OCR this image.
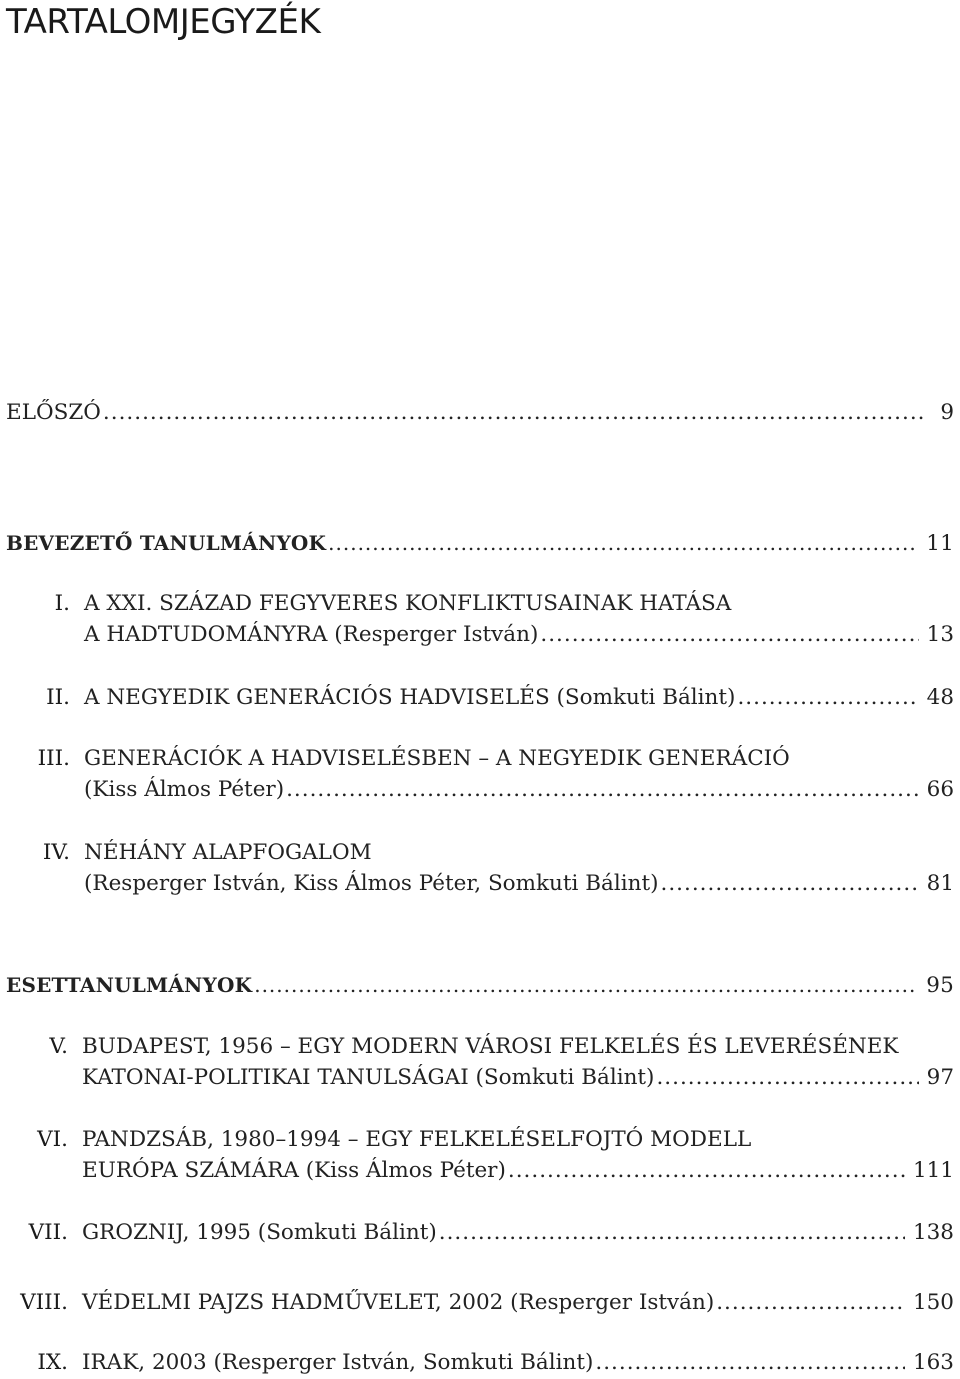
TARTALOMJEGYZÉK
ELŐSZÓ .....	9
BEVEZETŐ TANULMÁNYOK .....	11
I. A XXI. SZÁZAD FEGYVERES KONFLIKTUSAINAK HATÁSA
A HADTUDOMÁNYRA (Resperger István) .....	13
II. A NEGYEDIK GENERÁCIÓS HADVISELÉS (Somkuti Bálint) .....	48
III. GENERÁCIÓK A HADVISELÉSBEN – A NEGYEDIK GENERÁCIÓ
(Kiss Álmos Péter) .....	66
IV. NÉHÁNY ALAPFOGALOM
(Resperger István, Kiss Álmos Péter, Somkuti Bálint) .....	81
ESETTANULMÁNYOK .....	95
V. BUDAPEST, 1956 – EGY MODERN VÁROSI FELKELÉS ÉS LEVERÉSÉNEK
KATONAI-POLITIKAI TANULSÁGAI (Somkuti Bálint) .....	97
VI. PANDZSÁB, 1980–1994 – EGY FELKELÉSELFOJTÓ MODELL
EURÓPA SZÁMÁRA (Kiss Álmos Péter) .....	111
VII. GROZNIJ, 1995 (Somkuti Bálint) .....	138
VIII. VÉDELMI PAJZS HADMŰVELET, 2002 (Resperger István) .....	150
IX. IRAK, 2003 (Resperger István, Somkuti Bálint) .....	163
